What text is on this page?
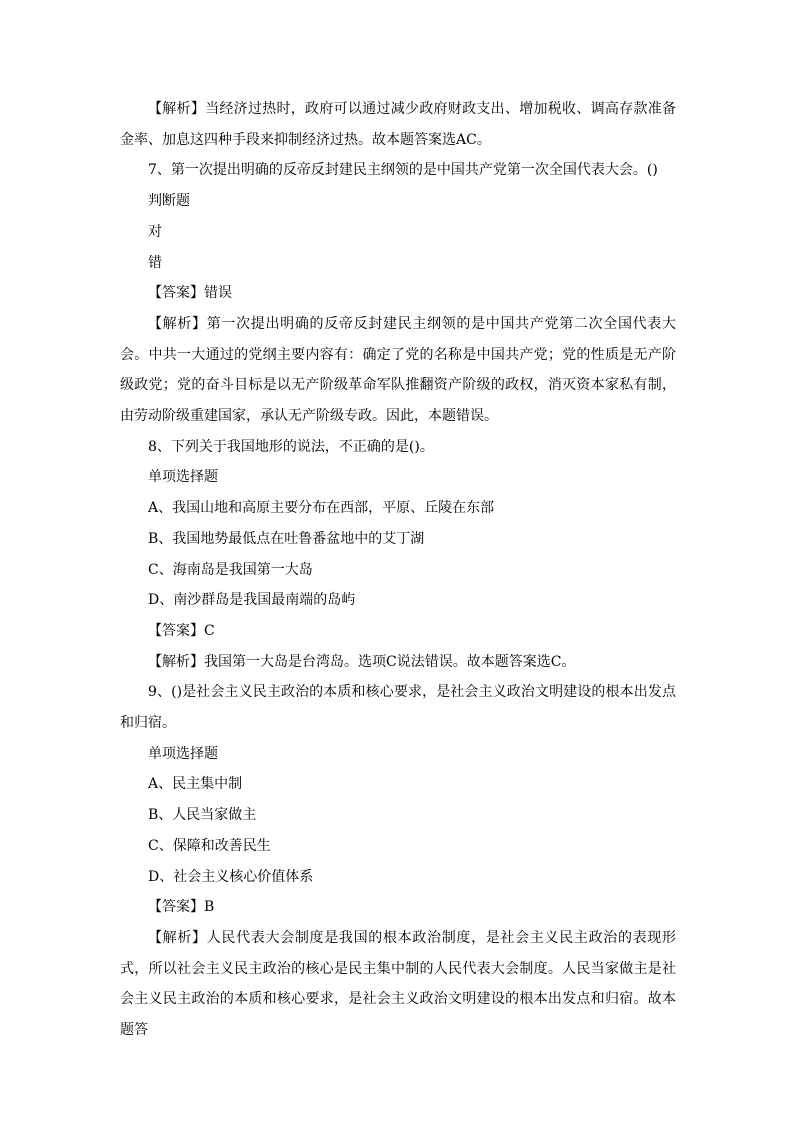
【解析】当经济过热时，政府可以通过减少政府财政支出、增加税收、调高存款准备金率、加息这四种手段来抑制经济过热。故本题答案选AC。

7、第一次提出明确的反帝反封建民主纲领的是中国共产党第一次全国代表大会。()

判断题

对

错

【答案】错误

【解析】第一次提出明确的反帝反封建民主纲领的是中国共产党第二次全国代表大会。中共一大通过的党纲主要内容有：确定了党的名称是中国共产党；党的性质是无产阶级政党；党的奋斗目标是以无产阶级革命军队推翻资产阶级的政权，消灭资本家私有制，由劳动阶级重建国家，承认无产阶级专政。因此，本题错误。

8、下列关于我国地形的说法，不正确的是()。

单项选择题

A、我国山地和高原主要分布在西部，平原、丘陵在东部

B、我国地势最低点在吐鲁番盆地中的艾丁湖

C、海南岛是我国第一大岛

D、南沙群岛是我国最南端的岛屿

【答案】C

【解析】我国第一大岛是台湾岛。选项C说法错误。故本题答案选C。

9、()是社会主义民主政治的本质和核心要求，是社会主义政治文明建设的根本出发点和归宿。

单项选择题

A、民主集中制

B、人民当家做主

C、保障和改善民生

D、社会主义核心价值体系

【答案】B

【解析】人民代表大会制度是我国的根本政治制度，是社会主义民主政治的表现形式，所以社会主义民主政治的核心是民主集中制的人民代表大会制度。人民当家做主是社会主义民主政治的本质和核心要求，是社会主义政治文明建设的根本出发点和归宿。故本题答
